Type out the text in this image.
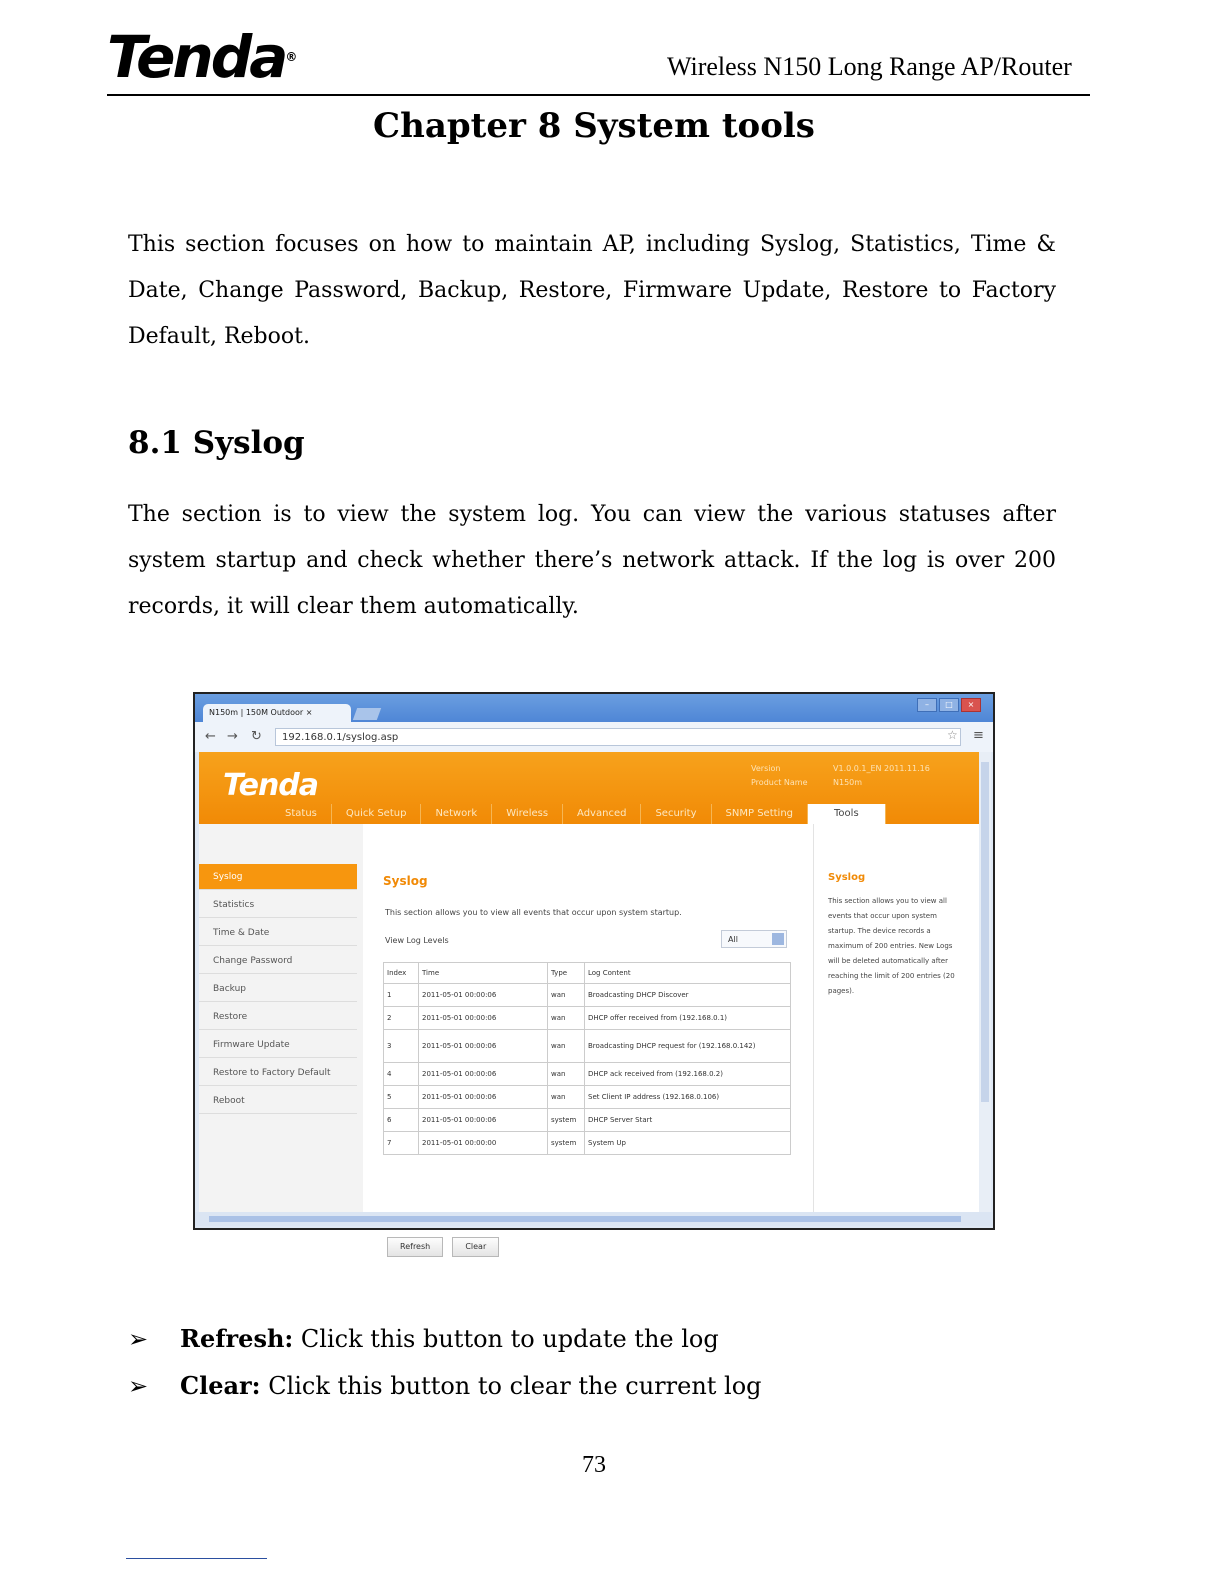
Tenda®	Wireless N150 Long Range AP/Router
Chapter 8 System tools
This section focuses on how to maintain AP, including Syslog, Statistics, Time & Date, Change Password, Backup, Restore, Firmware Update, Restore to Factory Default, Reboot.
8.1 Syslog
The section is to view the system log. You can view the various statuses after system startup and check whether there’s network attack. If the log is over 200 records, it will clear them automatically.
N150m | 150M Outdoor ×
–	□	×
← → ↻	192.168.0.1/syslog.asp	☆ ≡
Tenda	Version
Product Name
V1.0.0.1_EN 2011.11.16
N150m
Status	Quick Setup	Network	Wireless	Advanced	Security	SNMP Setting	Tools
Syslog
Statistics
Time & Date
Change Password
Backup
Restore
Firmware Update
Restore to Factory Default
Reboot
Syslog
This section allows you to view all events that occur upon system startup.
View Log Levels	All
Index	Time	Type	Log Content
1	2011-05-01 00:00:06	wan	Broadcasting DHCP Discover
2	2011-05-01 00:00:06	wan	DHCP offer received from (192.168.0.1)
3	2011-05-01 00:00:06	wan	Broadcasting DHCP request for (192.168.0.142)
4	2011-05-01 00:00:06	wan	DHCP ack received from (192.168.0.2)
5	2011-05-01 00:00:06	wan	Set Client IP address (192.168.0.106)
6	2011-05-01 00:00:06	system	DHCP Server Start
7	2011-05-01 00:00:00	system	System Up
Refresh	Clear
Syslog
This section allows you to view all events that occur upon system startup. The device records a maximum of 200 entries. New Logs will be deleted automatically after reaching the limit of 200 entries (20 pages).
➢ Refresh: Click this button to update the log
➢ Clear: Click this button to clear the current log
73
